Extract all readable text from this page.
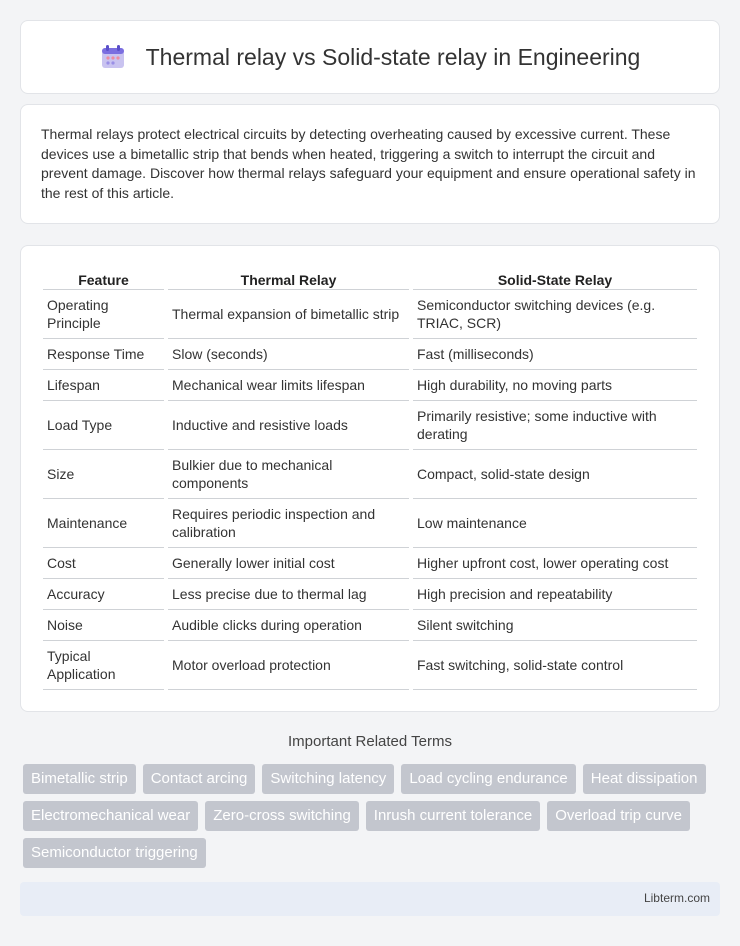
Thermal relay vs Solid-state relay in Engineering

Thermal relays protect electrical circuits by detecting overheating caused by excessive current. These devices use a bimetallic strip that bends when heated, triggering a switch to interrupt the circuit and prevent damage. Discover how thermal relays safeguard your equipment and ensure operational safety in the rest of this article.

Feature	Thermal Relay	Solid-State Relay
Operating Principle	Thermal expansion of bimetallic strip	Semiconductor switching devices (e.g. TRIAC, SCR)
Response Time	Slow (seconds)	Fast (milliseconds)
Lifespan	Mechanical wear limits lifespan	High durability, no moving parts
Load Type	Inductive and resistive loads	Primarily resistive; some inductive with derating
Size	Bulkier due to mechanical components	Compact, solid-state design
Maintenance	Requires periodic inspection and calibration	Low maintenance
Cost	Generally lower initial cost	Higher upfront cost, lower operating cost
Accuracy	Less precise due to thermal lag	High precision and repeatability
Noise	Audible clicks during operation	Silent switching
Typical Application	Motor overload protection	Fast switching, solid-state control
Important Related Terms
Bimetallic strip	Contact arcing	Switching latency	Load cycling endurance	Heat dissipation
Electromechanical wear	Zero-cross switching	Inrush current tolerance	Overload trip curve
Semiconductor triggering
Libterm.com
